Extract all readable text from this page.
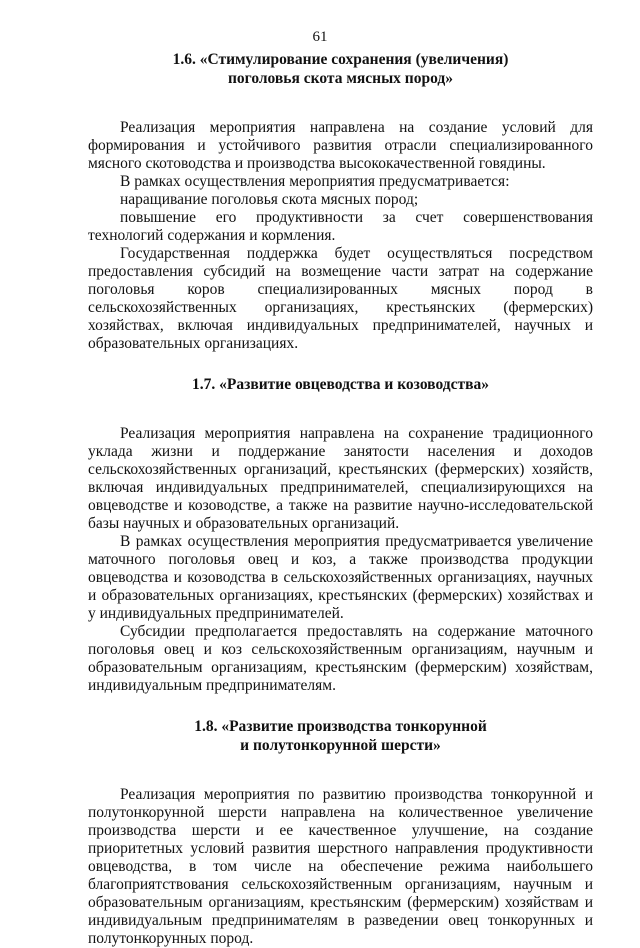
61
1.6. «Стимулирование сохранения (увеличения)
поголовья скота мясных пород»

Реализация мероприятия направлена на создание условий для формирования и устойчивого развития отрасли специализированного мясного скотоводства и производства высококачественной говядины.

В рамках осуществления мероприятия предусматривается:

наращивание поголовья скота мясных пород;

повышение его продуктивности за счет совершенствования технологий содержания и кормления.

Государственная поддержка будет осуществляться посредством предоставления субсидий на возмещение части затрат на содержание поголовья коров специализированных мясных пород в сельскохозяйственных организациях, крестьянских (фермерских) хозяйствах, включая индивидуальных предпринимателей, научных и образовательных организациях.

1.7. «Развитие овцеводства и козоводства»

Реализация мероприятия направлена на сохранение традиционного уклада жизни и поддержание занятости населения и доходов сельскохозяйственных организаций, крестьянских (фермерских) хозяйств, включая индивидуальных предпринимателей, специализирующихся на овцеводстве и козоводстве, а также на развитие научно-исследовательской базы научных и образовательных организаций.

В рамках осуществления мероприятия предусматривается увеличение маточного поголовья овец и коз, а также производства продукции овцеводства и козоводства в сельскохозяйственных организациях, научных и образовательных организациях, крестьянских (фермерских) хозяйствах и у индивидуальных предпринимателей.

Субсидии предполагается предоставлять на содержание маточного поголовья овец и коз сельскохозяйственным организациям, научным и образовательным организациям, крестьянским (фермерским) хозяйствам, индивидуальным предпринимателям.

1.8. «Развитие производства тонкорунной
и полутонкорунной шерсти»

Реализация мероприятия по развитию производства тонкорунной и полутонкорунной шерсти направлена на количественное увеличение производства шерсти и ее качественное улучшение, на создание приоритетных условий развития шерстного направления продуктивности овцеводства, в том числе на обеспечение режима наибольшего благоприятствования сельскохозяйственным организациям, научным и образовательным организациям, крестьянским (фермерским) хозяйствам и индивидуальным предпринимателям в разведении овец тонкорунных и полутонкорунных пород.
